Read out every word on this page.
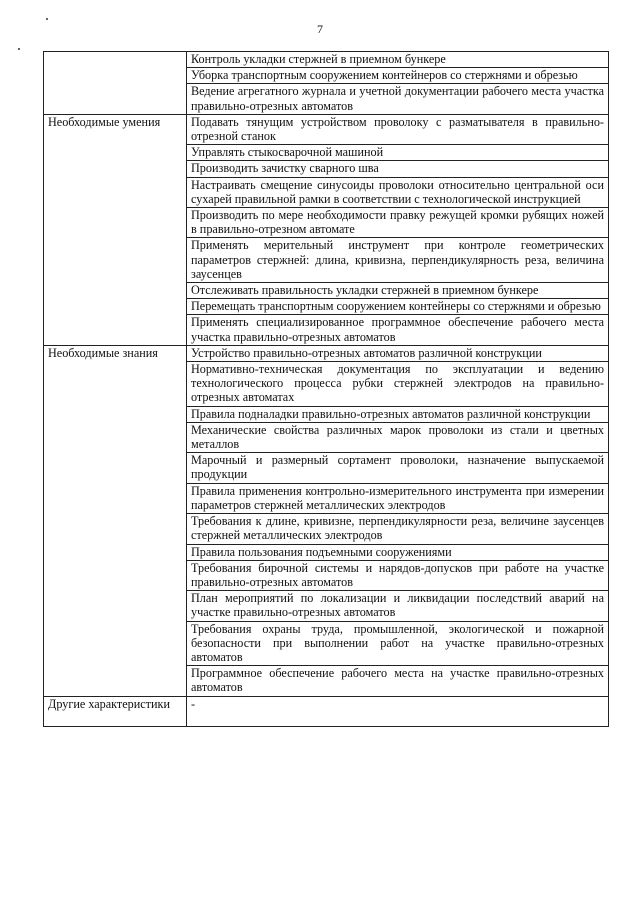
7
	Контроль укладки стержней в приемном бункере
	Уборка транспортным сооружением контейнеров со стержнями и обрезью
	Ведение агрегатного журнала и учетной документации рабочего места участка правильно-отрезных автоматов
Необходимые умения	Подавать тянущим устройством проволоку с разматывателя в правильно-отрезной станок
	Управлять стыкосварочной машиной
	Производить зачистку сварного шва
	Настраивать смещение синусоиды проволоки относительно центральной оси сухарей правильной рамки в соответствии с технологической инструкцией
	Производить по мере необходимости правку режущей кромки рубящих ножей в правильно-отрезном автомате
	Применять мерительный инструмент при контроле геометрических параметров стержней: длина, кривизна, перпендикулярность реза, величина заусенцев
	Отслеживать правильность укладки стержней в приемном бункере
	Перемещать транспортным сооружением контейнеры со стержнями и обрезью
	Применять специализированное программное обеспечение рабочего места участка правильно-отрезных автоматов
Необходимые знания	Устройство правильно-отрезных автоматов различной конструкции
	Нормативно-техническая документация по эксплуатации и ведению технологического процесса рубки стержней электродов на правильно-отрезных автоматах
	Правила подналадки правильно-отрезных автоматов различной конструкции
	Механические свойства различных марок проволоки из стали и цветных металлов
	Марочный и размерный сортамент проволоки, назначение выпускаемой продукции
	Правила применения контрольно-измерительного инструмента при измерении параметров стержней металлических электродов
	Требования к длине, кривизне, перпендикулярности реза, величине заусенцев стержней металлических электродов
	Правила пользования подъемными сооружениями
	Требования бирочной системы и нарядов-допусков при работе на участке правильно-отрезных автоматов
	План мероприятий по локализации и ликвидации последствий аварий на участке правильно-отрезных автоматов
	Требования охраны труда, промышленной, экологической и пожарной безопасности при выполнении работ на участке правильно-отрезных автоматов
	Программное обеспечение рабочего места на участке правильно-отрезных автоматов
Другие характеристики	-
